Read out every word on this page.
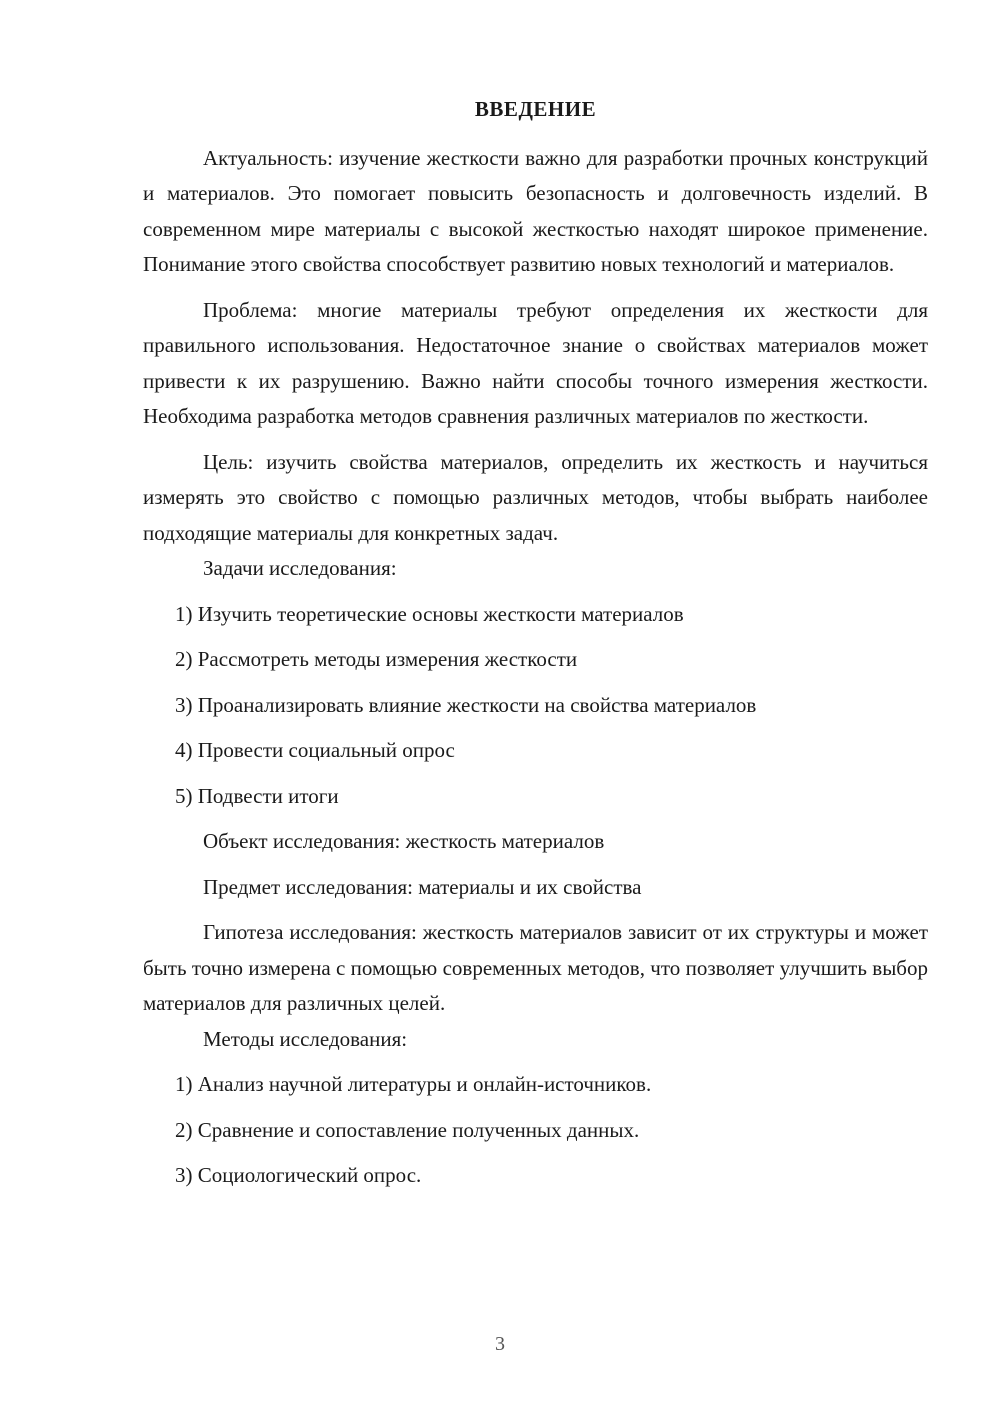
ВВЕДЕНИЕ

Актуальность: изучение жесткости важно для разработки прочных конструкций и материалов. Это помогает повысить безопасность и долговечность изделий. В современном мире материалы с высокой жесткостью находят широкое применение. Понимание этого свойства способствует развитию новых технологий и материалов.

Проблема: многие материалы требуют определения их жесткости для правильного использования. Недостаточное знание о свойствах материалов может привести к их разрушению. Важно найти способы точного измерения жесткости. Необходима разработка методов сравнения различных материалов по жесткости.

Цель: изучить свойства материалов, определить их жесткость и научиться измерять это свойство с помощью различных методов, чтобы выбрать наиболее подходящие материалы для конкретных задач.

Задачи исследования:

1) Изучить теоретические основы жесткости материалов

2) Рассмотреть методы измерения жесткости

3) Проанализировать влияние жесткости на свойства материалов

4) Провести социальный опрос

5) Подвести итоги

Объект исследования: жесткость материалов

Предмет исследования: материалы и их свойства

Гипотеза исследования: жесткость материалов зависит от их структуры и может быть точно измерена с помощью современных методов, что позволяет улучшить выбор материалов для различных целей.

Методы исследования:

1) Анализ научной литературы и онлайн-источников.

2) Сравнение и сопоставление полученных данных.

3) Социологический опрос.

3
